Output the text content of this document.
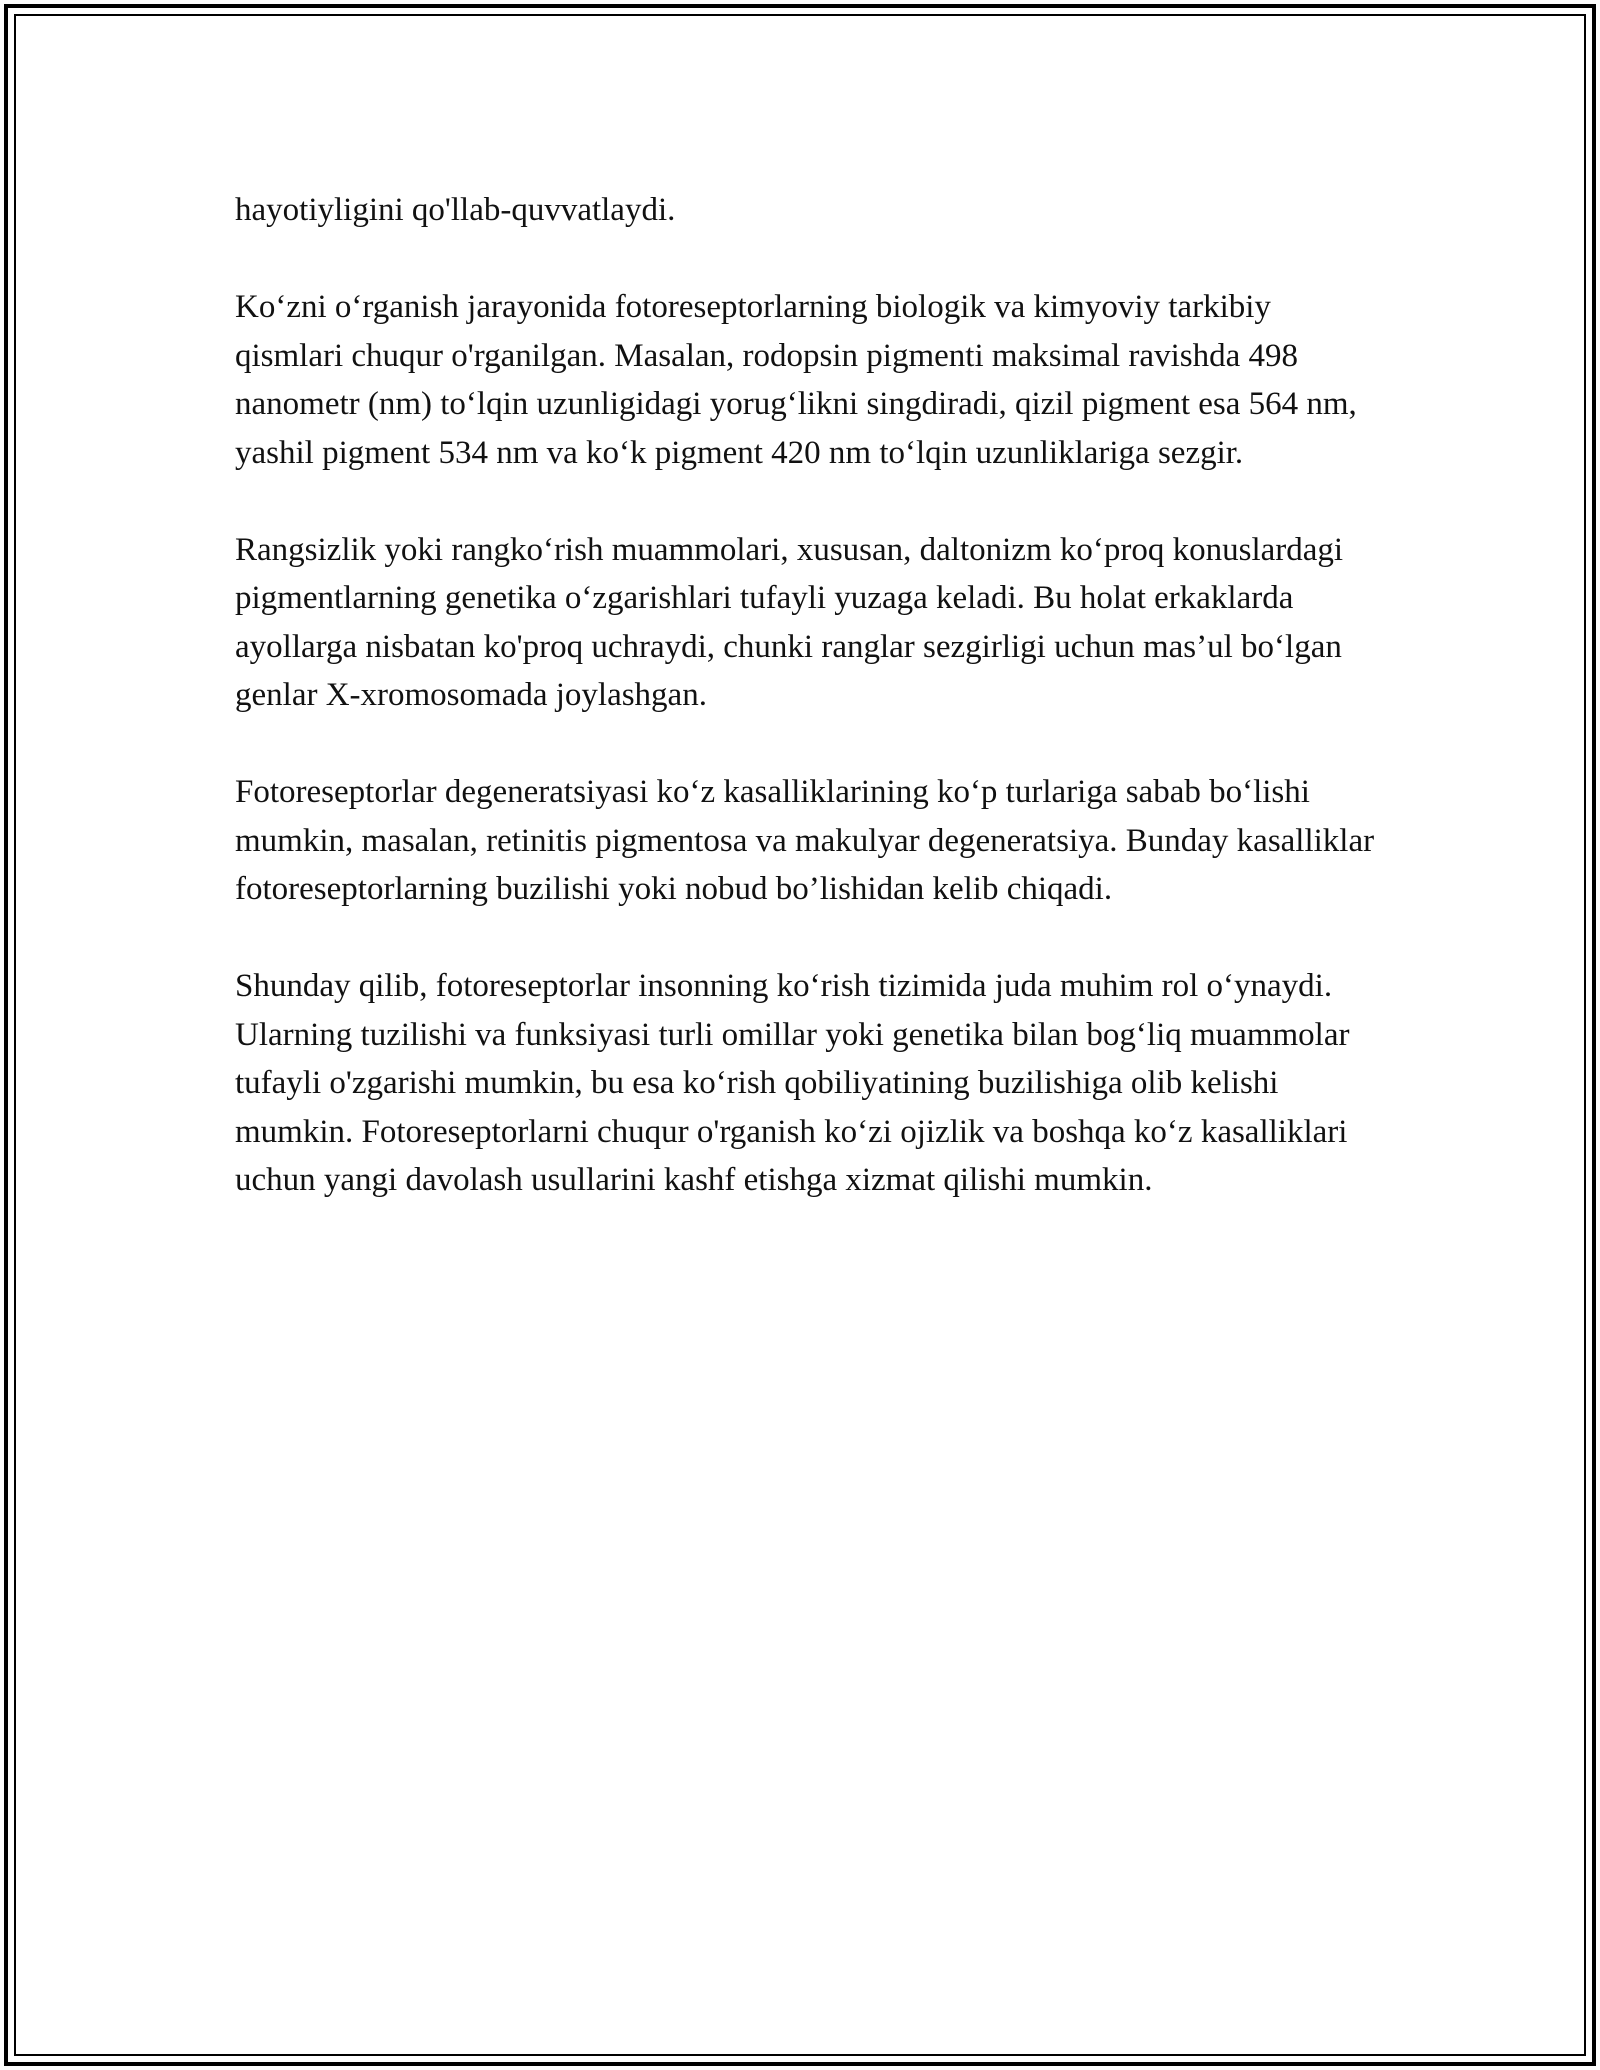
hayotiyligini qo'llab-quvvatlaydi.

Ko‘zni o‘rganish jarayonida fotoreseptorlarning biologik va kimyoviy tarkibiy qismlari chuqur o'rganilgan. Masalan, rodopsin pigmenti maksimal ravishda 498 nanometr (nm) to‘lqin uzunligidagi yorug‘likni singdiradi, qizil pigment esa 564 nm, yashil pigment 534 nm va ko‘k pigment 420 nm to‘lqin uzunliklariga sezgir.

Rangsizlik yoki rangko‘rish muammolari, xususan, daltonizm ko‘proq konuslardagi pigmentlarning genetika o‘zgarishlari tufayli yuzaga keladi. Bu holat erkaklarda ayollarga nisbatan ko'proq uchraydi, chunki ranglar sezgirligi uchun mas’ul bo‘lgan genlar X-xromosomada joylashgan.

Fotoreseptorlar degeneratsiyasi ko‘z kasalliklarining ko‘p turlariga sabab bo‘lishi mumkin, masalan, retinitis pigmentosa va makulyar degeneratsiya. Bunday kasalliklar fotoreseptorlarning buzilishi yoki nobud bo’lishidan kelib chiqadi.

Shunday qilib, fotoreseptorlar insonning ko‘rish tizimida juda muhim rol o‘ynaydi. Ularning tuzilishi va funksiyasi turli omillar yoki genetika bilan bog‘liq muammolar tufayli o'zgarishi mumkin, bu esa ko‘rish qobiliyatining buzilishiga olib kelishi mumkin. Fotoreseptorlarni chuqur o'rganish ko‘zi ojizlik va boshqa ko‘z kasalliklari uchun yangi davolash usullarini kashf etishga xizmat qilishi mumkin.
